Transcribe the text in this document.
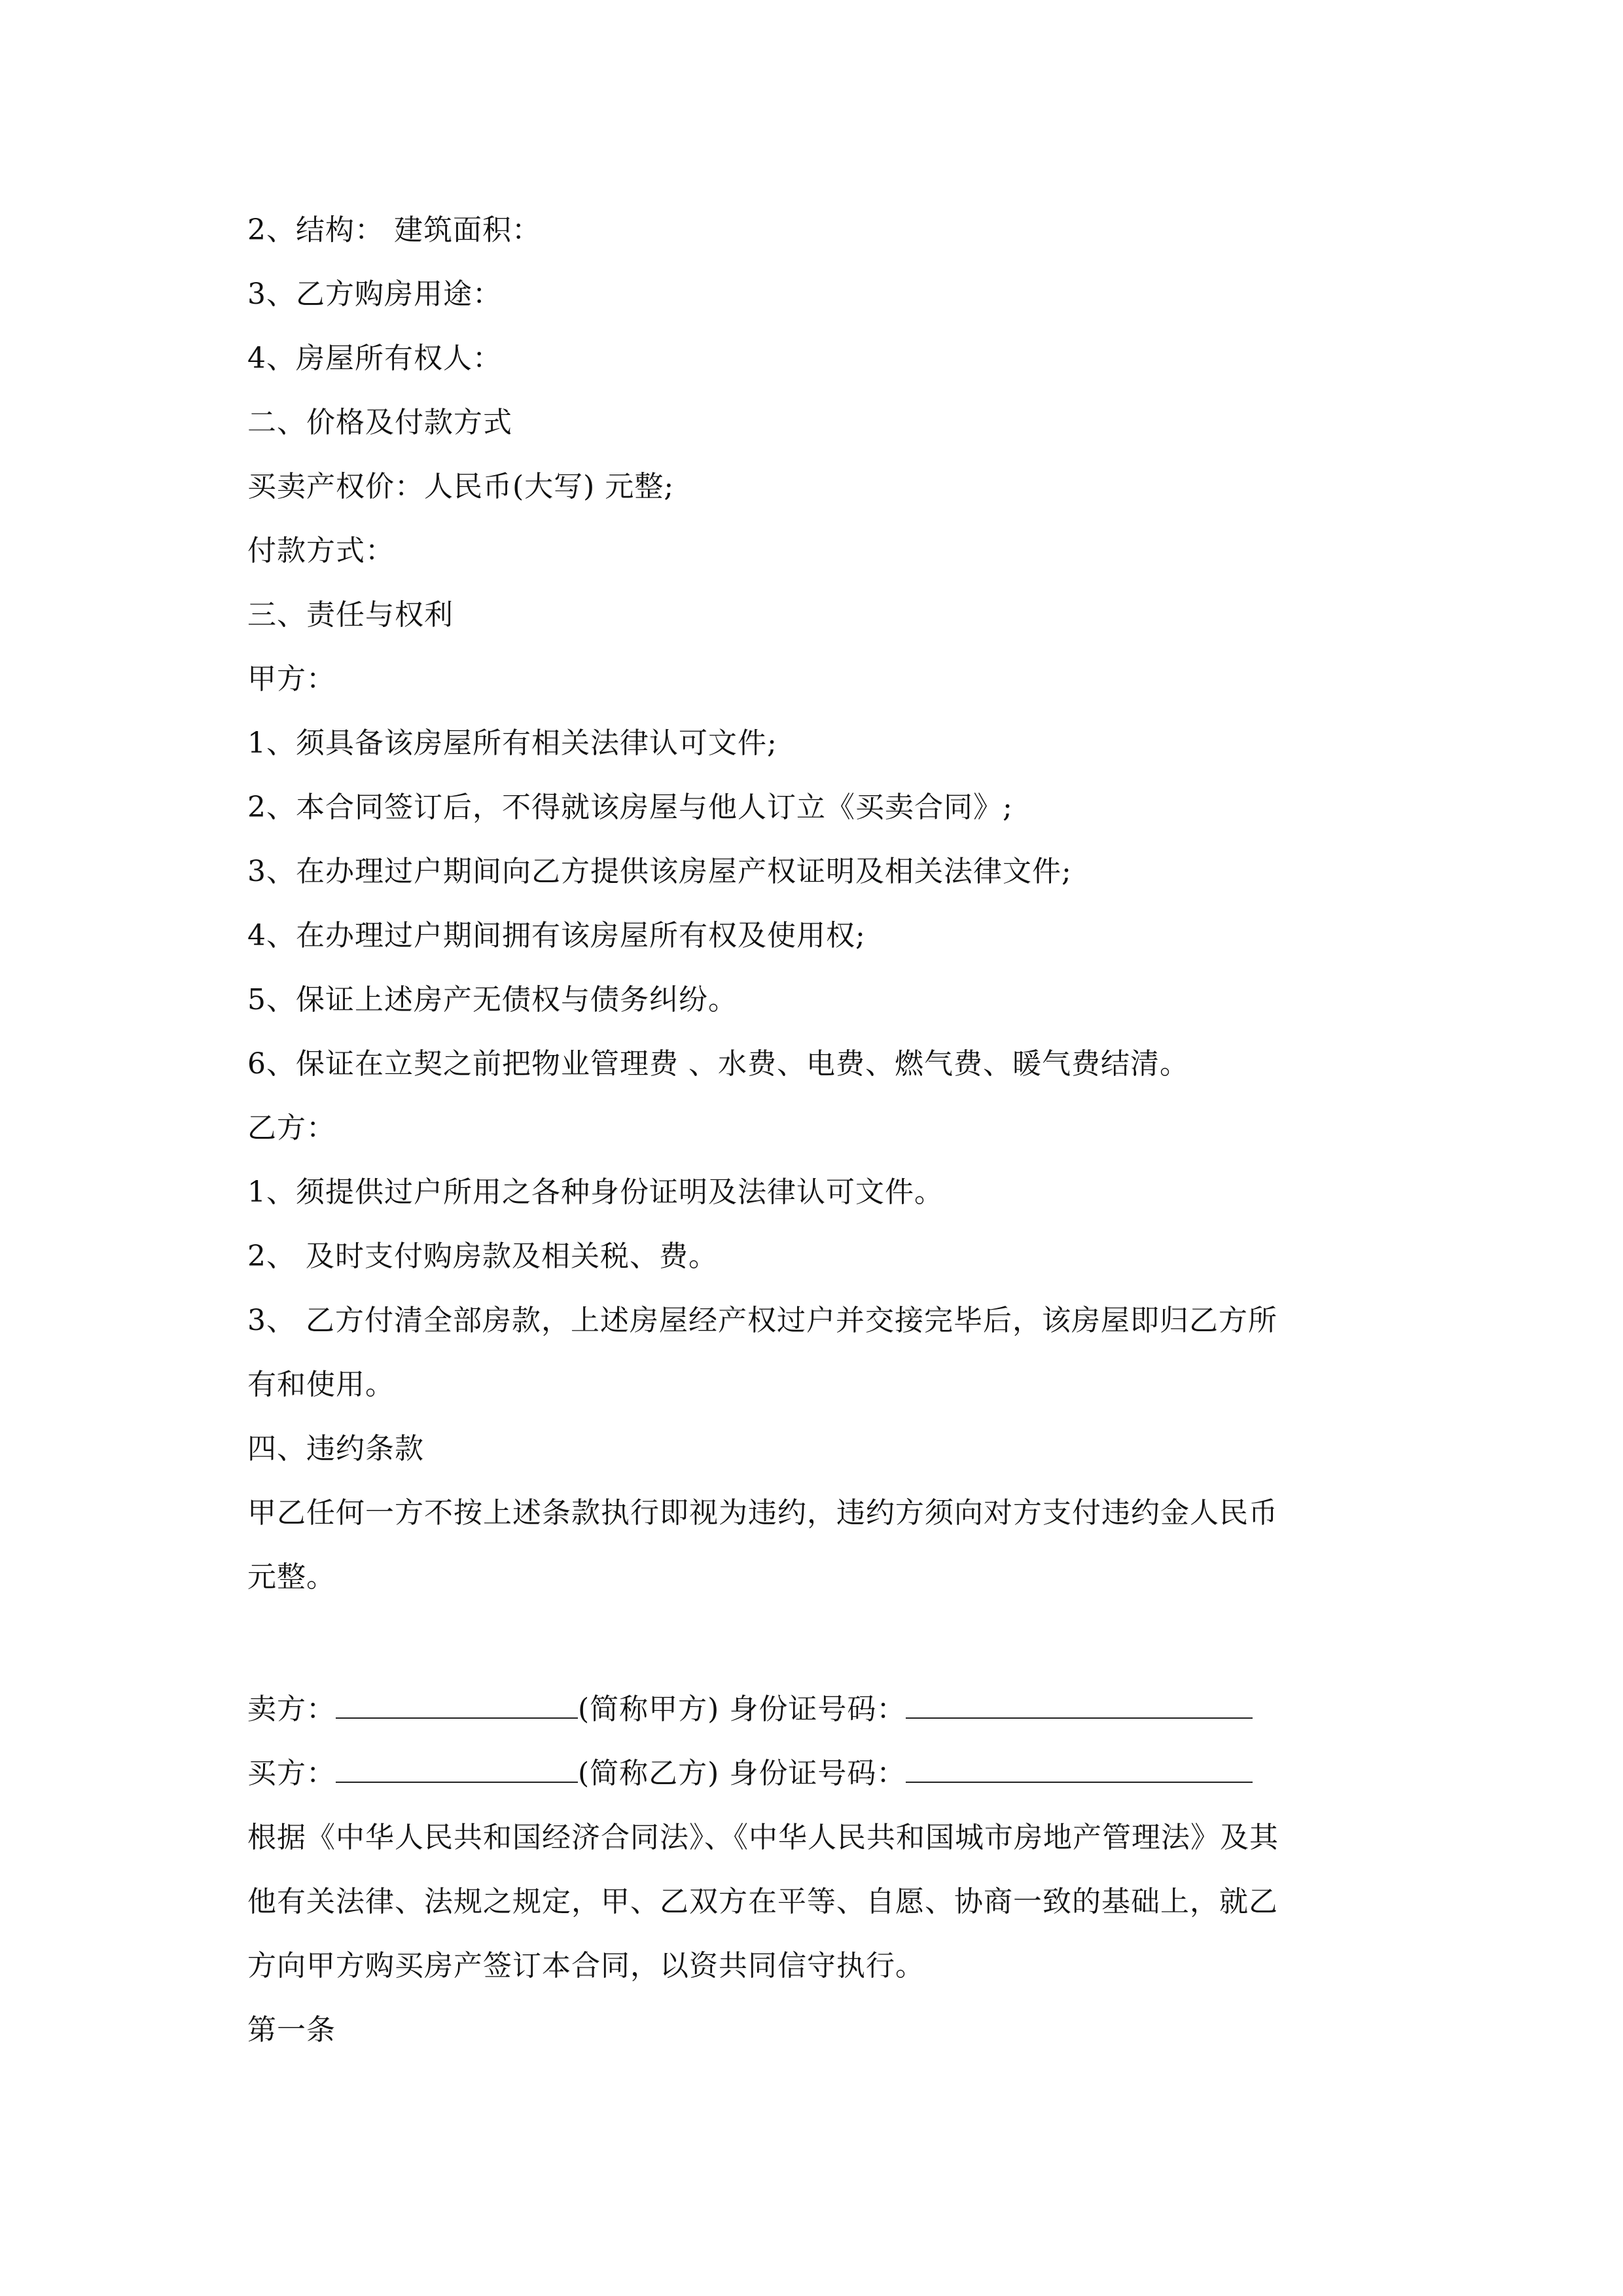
2、结构： 建筑面积：
3、乙方购房用途：
4、房屋所有权人：
二、价格及付款方式
买卖产权价：人民币(大写) 元整;
付款方式：
三、责任与权利
甲方：
1、须具备该房屋所有相关法律认可文件;
2、本合同签订后，不得就该房屋与他人订立《买卖合同》;
3、在办理过户期间向乙方提供该房屋产权证明及相关法律文件;
4、在办理过户期间拥有该房屋所有权及使用权;
5、保证上述房产无债权与债务纠纷。
6、保证在立契之前把物业管理费 、水费、电费、燃气费、暖气费结清。
乙方：
1、须提供过户所用之各种身份证明及法律认可文件。
2、 及时支付购房款及相关税、费。
3、 乙方付清全部房款，上述房屋经产权过户并交接完毕后，该房屋即归乙方所
有和使用。
四、违约条款
甲乙任何一方不按上述条款执行即视为违约，违约方须向对方支付违约金人民币
元整。
卖方：	(简称甲方) 身份证号码：
买方：	(简称乙方) 身份证号码：
根据《中华人民共和国经济合同法》、《中华人民共和国城市房地产管理法》及其
他有关法律、法规之规定，甲、乙双方在平等、自愿、协商一致的基础上，就乙
方向甲方购买房产签订本合同，以资共同信守执行。
第一条
